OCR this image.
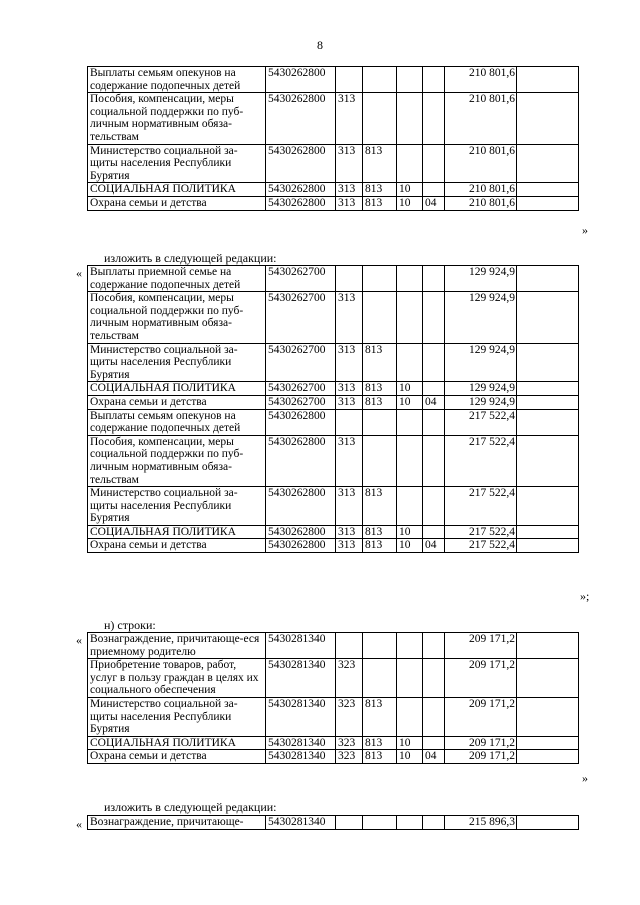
8
Выплаты семьям опекунов на содержание подопечных детей	5430262800					210 801,6	
Пособия, компенсации, меры социальной поддержки по пуб-личным нормативным обяза-тельствам	5430262800	313				210 801,6	
Министерство социальной за-щиты населения Республики Бурятия	5430262800	313	813			210 801,6	
СОЦИАЛЬНАЯ ПОЛИТИКА	5430262800	313	813	10		210 801,6	
Охрана семьи и детства	5430262800	313	813	10	04	210 801,6	
»
изложить в следующей редакции:
« Выплаты приемной семье на содержание подопечных детей	5430262700					129 924,9	
Пособия, компенсации, меры социальной поддержки по пуб-личным нормативным обяза-тельствам	5430262700	313				129 924,9	
Министерство социальной за-щиты населения Республики Бурятия	5430262700	313	813			129 924,9	
СОЦИАЛЬНАЯ ПОЛИТИКА	5430262700	313	813	10		129 924,9	
Охрана семьи и детства	5430262700	313	813	10	04	129 924,9	
Выплаты семьям опекунов на содержание подопечных детей	5430262800					217 522,4	
Пособия, компенсации, меры социальной поддержки по пуб-личным нормативным обяза-тельствам	5430262800	313				217 522,4	
Министерство социальной за-щиты населения Республики Бурятия	5430262800	313	813			217 522,4	
СОЦИАЛЬНАЯ ПОЛИТИКА	5430262800	313	813	10		217 522,4	
Охрана семьи и детства	5430262800	313	813	10	04	217 522,4	
»;
н) строки:
« Вознаграждение, причитающе-еся приемному родителю	5430281340					209 171,2	
Приобретение товаров, работ, услуг в пользу граждан в целях их социального обеспечения	5430281340	323				209 171,2	
Министерство социальной за-щиты населения Республики Бурятия	5430281340	323	813			209 171,2	
СОЦИАЛЬНАЯ ПОЛИТИКА	5430281340	323	813	10		209 171,2	
Охрана семьи и детства	5430281340	323	813	10	04	209 171,2	
»
изложить в следующей редакции:
« Вознаграждение, причитающе-	5430281340					215 896,3	
